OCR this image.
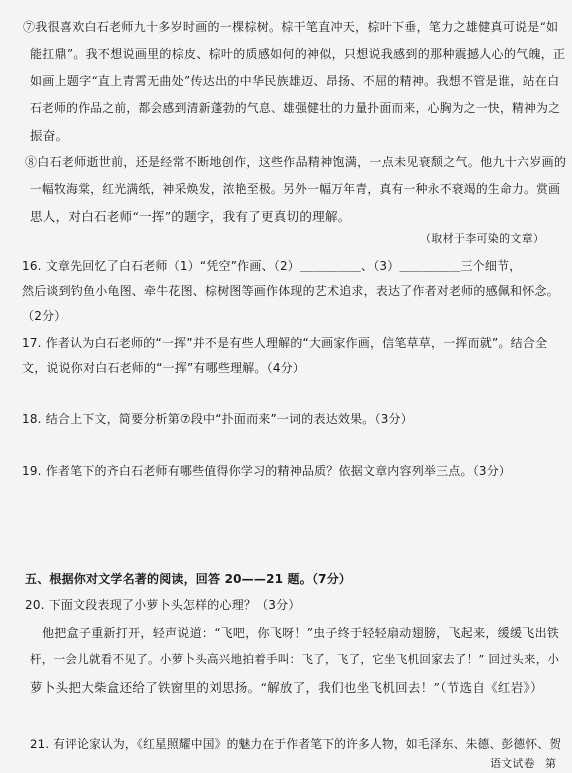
⑦我很喜欢白石老师九十多岁时画的一棵棕树。棕干笔直冲天，棕叶下垂，笔力之雄健真可说是“如
能扛鼎”。我不想说画里的棕皮、棕叶的质感如何的神似，只想说我感到的那种震撼人心的气魄，正
如画上题字“直上青霄无曲处”传达出的中华民族雄迈、昂扬、不屈的精神。我想不管是谁，站在白
石老师的作品之前，都会感到清新蓬勃的气息、雄强健壮的力量扑面而来，心胸为之一快，精神为之
振奋。
⑧白石老师逝世前，还是经常不断地创作，这些作品精神饱满，一点未见衰颓之气。他九十六岁画的
一幅牧海棠，红光满纸，神采焕发，浓艳至极。另外一幅万年青，真有一种永不衰竭的生命力。赏画
思人，对白石老师“一挥”的题字，我有了更真切的理解。
（取材于李可染的文章）
16. 文章先回忆了白石老师（1）“凭空”作画、（2）＿＿＿＿＿、（3）＿＿＿＿＿三个细节，
然后谈到钓鱼小龟图、牵牛花图、棕树图等画作体现的艺术追求，表达了作者对老师的感佩和怀念。
（2分）
17. 作者认为白石老师的“一挥”并不是有些人理解的“大画家作画，信笔草草，一挥而就”。结合全
文，说说你对白石老师的“一挥”有哪些理解。（4分）
18. 结合上下文，简要分析第⑦段中“扑面而来”一词的表达效果。（3分）
19. 作者笔下的齐白石老师有哪些值得你学习的精神品质？依据文章内容列举三点。（3分）
五、根据你对文学名著的阅读，回答 20——21 题。（7分）
20. 下面文段表现了小萝卜头怎样的心理？（3分）
他把盒子重新打开，轻声说道：“飞吧，你飞呀！”虫子终于轻轻扇动翅膀，飞起来，缓缓飞出铁
杆，一会儿就看不见了。小萝卜头高兴地拍着手叫：飞了，飞了，它坐飞机回家去了！” 回过头来，小
萝卜头把大柴盒还给了铁窗里的刘思扬。“解放了，我们也坐飞机回去！”（节选自《红岩》）
21. 有评论家认为，《红星照耀中国》的魅力在于作者笔下的许多人物，如毛泽东、朱德、彭德怀、贺
语文试卷 第
